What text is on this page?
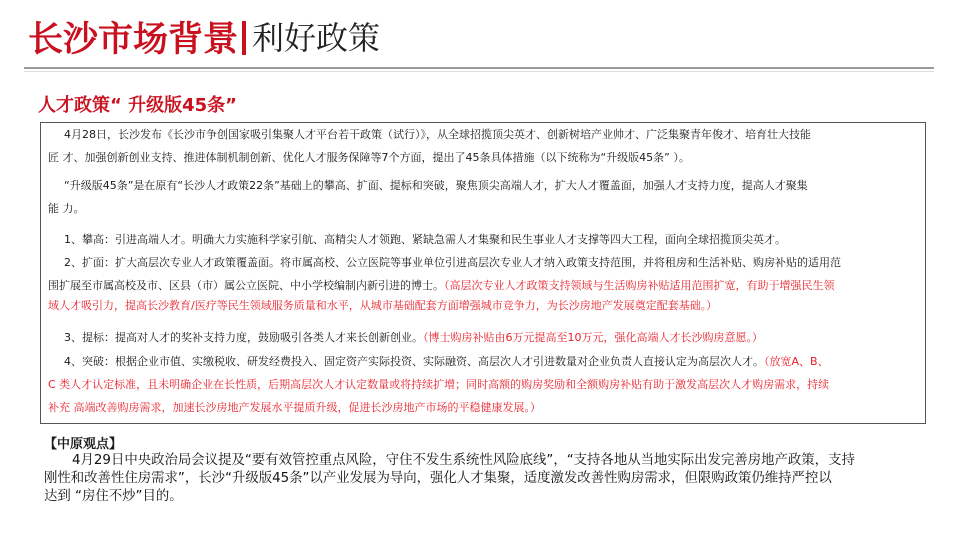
长沙市场背景 利好政策
人才政策“ 升级版45条”
4月28日，长沙发布《长沙市争创国家吸引集聚人才平台若干政策（试行）》，从全球招揽顶尖英才、创新树培产业帅才、广泛集聚青年俊才、培育壮大技能
匠 才、加强创新创业支持、推进体制机制创新、优化人才服务保障等7个方面，提出了45条具体措施（以下统称为“升级版45条” ）。
“升级版45条”是在原有“长沙人才政策22条”基础上的攀高、扩面、提标和突破，聚焦顶尖高端人才，扩大人才覆盖面，加强人才支持力度，提高人才聚集
能 力。
1、攀高：引进高端人才。明确大力实施科学家引航、高精尖人才领跑、紧缺急需人才集聚和民生事业人才支撑等四大工程，面向全球招揽顶尖英才。
2、扩面：扩大高层次专业人才政策覆盖面。将市属高校、公立医院等事业单位引进高层次专业人才纳入政策支持范围，并将租房和生活补贴、购房补贴的适用范
围扩展至市属高校及市、区县（市）属公立医院、中小学校编制内新引进的博士。（高层次专业人才政策支持领域与生活购房补贴适用范围扩宽，有助于增强民生领
域人才吸引力，提高长沙教育/医疗等民生领域服务质量和水平，从城市基础配套方面增强城市竞争力，为长沙房地产发展奠定配套基础。）
3、提标：提高对人才的奖补支持力度，鼓励吸引各类人才来长创新创业。（博士购房补贴由6万元提高至10万元，强化高端人才长沙购房意愿。）
4、突破：根据企业市值、实缴税收、研发经费投入、固定资产实际投资、实际融资、高层次人才引进数量对企业负责人直接认定为高层次人才。（放宽A、B、
C 类人才认定标准，且未明确企业在长性质，后期高层次人才认定数量或将持续扩增；同时高额的购房奖励和全额购房补贴有助于激发高层次人才购房需求，持续
补充 高端改善购房需求，加速长沙房地产发展水平提质升级，促进长沙房地产市场的平稳健康发展。）
【中原观点】
4月29日中央政治局会议提及“要有效管控重点风险，守住不发生系统性风险底线”，“支持各地从当地实际出发完善房地产政策，支持
刚性和改善性住房需求”，长沙“升级版45条”以产业发展为导向，强化人才集聚，适度激发改善性购房需求，但限购政策仍维持严控以
达到 “房住不炒”目的。
